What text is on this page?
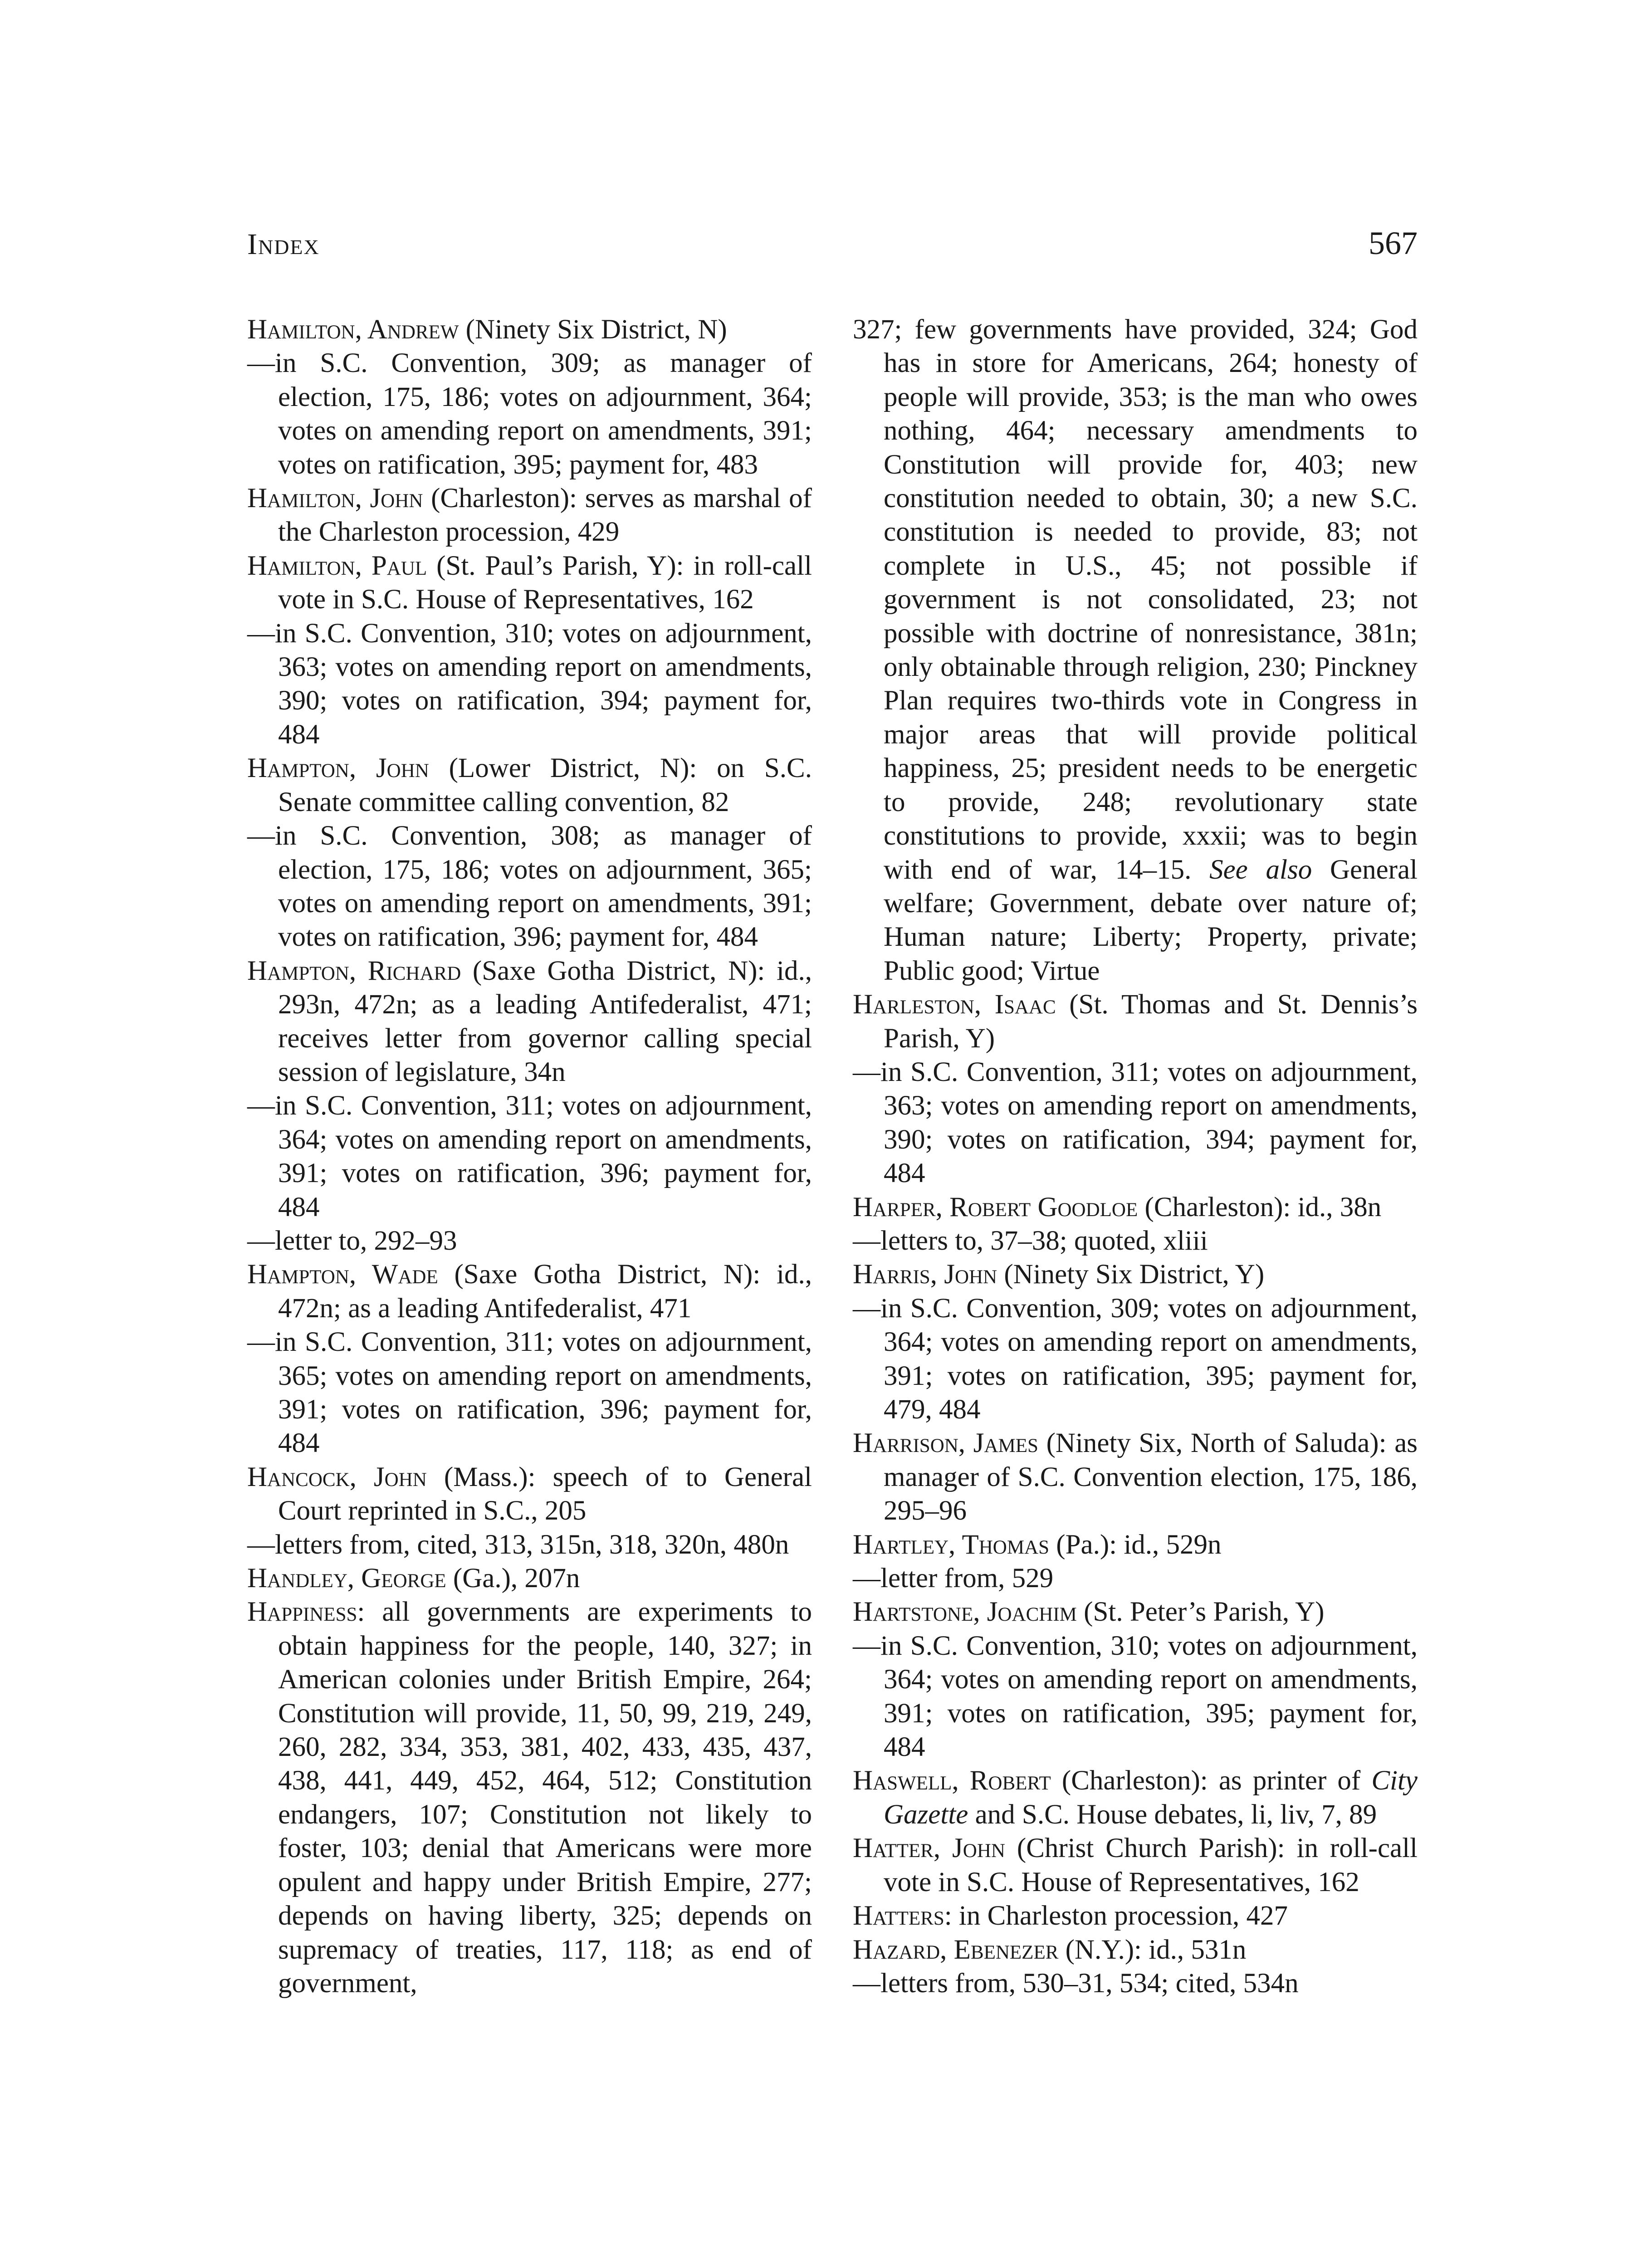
Index	567

Hamilton, Andrew (Ninety Six District, N)

—in S.C. Convention, 309; as manager of election, 175, 186; votes on adjournment, 364; votes on amending report on amendments, 391; votes on ratification, 395; payment for, 483

Hamilton, John (Charleston): serves as marshal of the Charleston procession, 429

Hamilton, Paul (St. Paul’s Parish, Y): in roll-call vote in S.C. House of Representatives, 162

—in S.C. Convention, 310; votes on adjournment, 363; votes on amending report on amendments, 390; votes on ratification, 394; payment for, 484

Hampton, John (Lower District, N): on S.C. Senate committee calling convention, 82

—in S.C. Convention, 308; as manager of election, 175, 186; votes on adjournment, 365; votes on amending report on amendments, 391; votes on ratification, 396; payment for, 484

Hampton, Richard (Saxe Gotha District, N): id., 293n, 472n; as a leading Antifederalist, 471; receives letter from governor calling special session of legislature, 34n

—in S.C. Convention, 311; votes on adjournment, 364; votes on amending report on amendments, 391; votes on ratification, 396; payment for, 484

—letter to, 292–93

Hampton, Wade (Saxe Gotha District, N): id., 472n; as a leading Antifederalist, 471

—in S.C. Convention, 311; votes on adjournment, 365; votes on amending report on amendments, 391; votes on ratification, 396; payment for, 484

Hancock, John (Mass.): speech of to General Court reprinted in S.C., 205

—letters from, cited, 313, 315n, 318, 320n, 480n

Handley, George (Ga.), 207n

Happiness: all governments are experiments to obtain happiness for the people, 140, 327; in American colonies under British Empire, 264; Constitution will provide, 11, 50, 99, 219, 249, 260, 282, 334, 353, 381, 402, 433, 435, 437, 438, 441, 449, 452, 464, 512; Constitution endangers, 107; Constitution not likely to foster, 103; denial that Americans were more opulent and happy under British Empire, 277; depends on having liberty, 325; depends on supremacy of treaties, 117, 118; as end of government,

327; few governments have provided, 324; God has in store for Americans, 264; honesty of people will provide, 353; is the man who owes nothing, 464; necessary amendments to Constitution will provide for, 403; new constitution needed to obtain, 30; a new S.C. constitution is needed to provide, 83; not complete in U.S., 45; not possible if government is not consolidated, 23; not possible with doctrine of nonresistance, 381n; only obtainable through religion, 230; Pinckney Plan requires two-thirds vote in Congress in major areas that will provide political happiness, 25; president needs to be energetic to provide, 248; revolutionary state constitutions to provide, xxxii; was to begin with end of war, 14–15. See also General welfare; Government, debate over nature of; Human nature; Liberty; Property, private; Public good; Virtue

Harleston, Isaac (St. Thomas and St. Dennis’s Parish, Y)

—in S.C. Convention, 311; votes on adjournment, 363; votes on amending report on amendments, 390; votes on ratification, 394; payment for, 484

Harper, Robert Goodloe (Charleston): id., 38n

—letters to, 37–38; quoted, xliii

Harris, John (Ninety Six District, Y)

—in S.C. Convention, 309; votes on adjournment, 364; votes on amending report on amendments, 391; votes on ratification, 395; payment for, 479, 484

Harrison, James (Ninety Six, North of Saluda): as manager of S.C. Convention election, 175, 186, 295–96

Hartley, Thomas (Pa.): id., 529n

—letter from, 529

Hartstone, Joachim (St. Peter’s Parish, Y)

—in S.C. Convention, 310; votes on adjournment, 364; votes on amending report on amendments, 391; votes on ratification, 395; payment for, 484

Haswell, Robert (Charleston): as printer of City Gazette and S.C. House debates, li, liv, 7, 89

Hatter, John (Christ Church Parish): in roll-call vote in S.C. House of Representatives, 162

Hatters: in Charleston procession, 427

Hazard, Ebenezer (N.Y.): id., 531n

—letters from, 530–31, 534; cited, 534n
